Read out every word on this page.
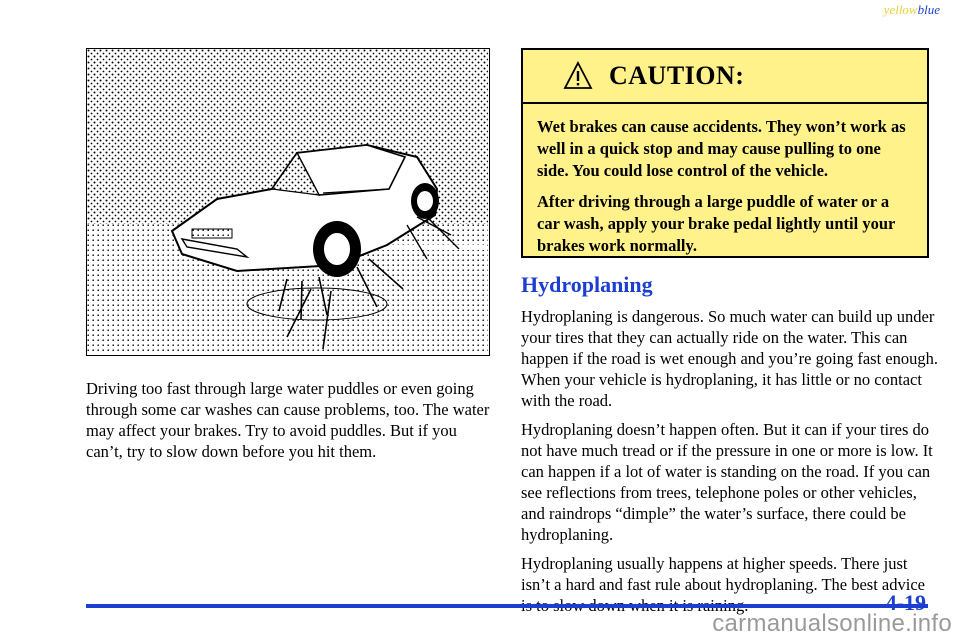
yellowblue

Driving too fast through large water puddles or even going through some car washes can cause problems, too. The water may affect your brakes. Try to avoid puddles. But if you can’t, try to slow down before you hit them.

CAUTION:

Wet brakes can cause accidents. They won’t work as well in a quick stop and may cause pulling to one side. You could lose control of the vehicle.

After driving through a large puddle of water or a car wash, apply your brake pedal lightly until your brakes work normally.

Hydroplaning

Hydroplaning is dangerous. So much water can build up under your tires that they can actually ride on the water. This can happen if the road is wet enough and you’re going fast enough. When your vehicle is hydroplaning, it has little or no contact with the road.

Hydroplaning doesn’t happen often. But it can if your tires do not have much tread or if the pressure in one or more is low. It can happen if a lot of water is standing on the road. If you can see reflections from trees, telephone poles or other vehicles, and raindrops “dimple” the water’s surface, there could be hydroplaning.

Hydroplaning usually happens at higher speeds. There just isn’t a hard and fast rule about hydroplaning. The best advice

4-19
carmanualsonline.info
